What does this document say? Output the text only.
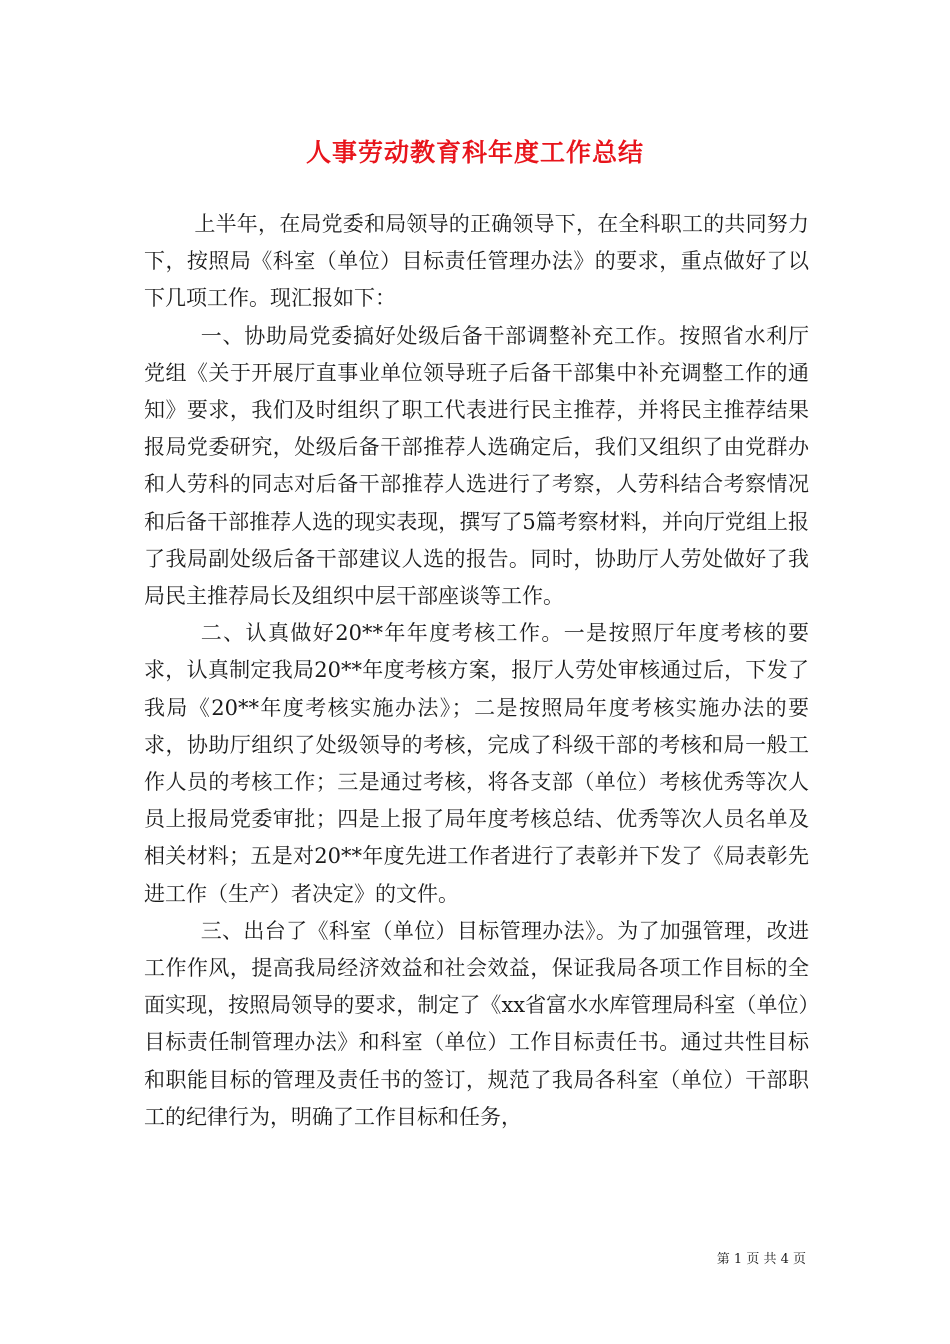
人事劳动教育科年度工作总结

上半年，在局党委和局领导的正确领导下，在全科职工的共同努力下，按照局《科室（单位）目标责任管理办法》的要求，重点做好了以下几项工作。现汇报如下：

一、协助局党委搞好处级后备干部调整补充工作。按照省水利厅党组《关于开展厅直事业单位领导班子后备干部集中补充调整工作的通知》要求，我们及时组织了职工代表进行民主推荐，并将民主推荐结果报局党委研究，处级后备干部推荐人选确定后，我们又组织了由党群办和人劳科的同志对后备干部推荐人选进行了考察，人劳科结合考察情况和后备干部推荐人选的现实表现，撰写了5篇考察材料，并向厅党组上报了我局副处级后备干部建议人选的报告。同时，协助厅人劳处做好了我局民主推荐局长及组织中层干部座谈等工作。

二、认真做好20**年年度考核工作。一是按照厅年度考核的要求，认真制定我局20**年度考核方案，报厅人劳处审核通过后，下发了我局《20**年度考核实施办法》；二是按照局年度考核实施办法的要求，协助厅组织了处级领导的考核，完成了科级干部的考核和局一般工作人员的考核工作；三是通过考核，将各支部（单位）考核优秀等次人员上报局党委审批；四是上报了局年度考核总结、优秀等次人员名单及相关材料；五是对20**年度先进工作者进行了表彰并下发了《局表彰先进工作（生产）者决定》的文件。

三、出台了《科室（单位）目标管理办法》。为了加强管理，改进工作作风，提高我局经济效益和社会效益，保证我局各项工作目标的全面实现，按照局领导的要求，制定了《xx省富水水库管理局科室（单位）目标责任制管理办法》和科室（单位）工作目标责任书。通过共性目标和职能目标的管理及责任书的签订，规范了我局各科室（单位）干部职工的纪律行为，明确了工作目标和任务，

第 1 页 共 4 页
